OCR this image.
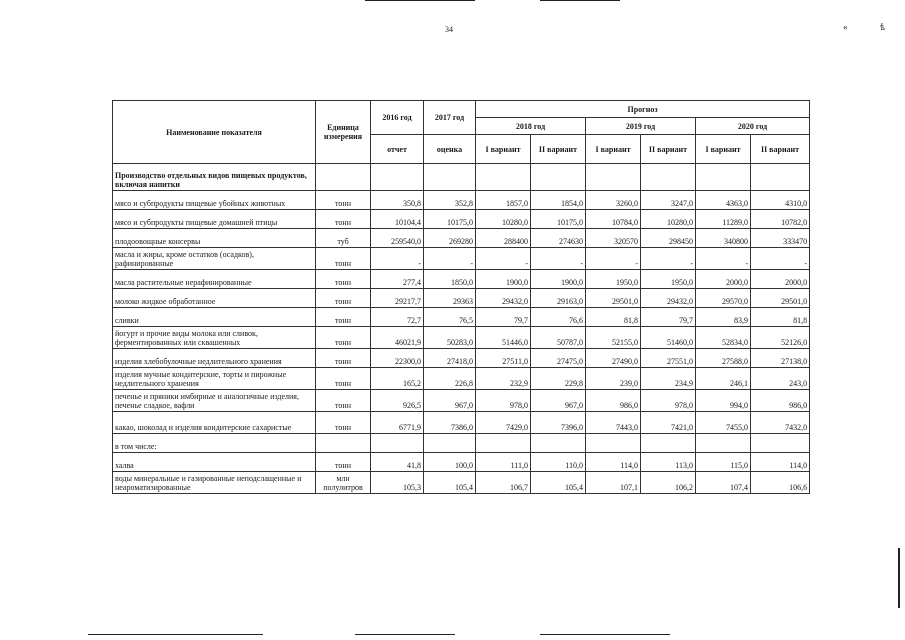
34	«	ѣ
Наименование показателя	Единица измерения	2016 год	2017 год	Прогноз					
				2018 год		2019 год		2020 год	
		отчет	оценка	I вариант	II вариант	I вариант	II вариант	I вариант	II вариант
Производство отдельных видов пищевых продуктов, включая напитки									
мясо и субпродукты пищевые убойных животных	тонн	350,8	352,8	1857,0	1854,0	3260,0	3247,0	4363,0	4310,0
мясо и субпродукты пищевые домашней птицы	тонн	10104,4	10175,0	10280,0	10175,0	10784,0	10280,0	11289,0	10782,0
плодоовощные консервы	туб	259540,0	269280	288400	274630	320570	298450	340800	333470
масла и жиры, кроме остатков (осадков), рафинированные	тонн	-	-	-	-	-	-	-	-
масла растительные нерафинированные	тонн	277,4	1850,0	1900,0	1900,0	1950,0	1950,0	2000,0	2000,0
молоко жидкое обработанное	тонн	29217,7	29363	29432,0	29163,0	29501,0	29432,0	29570,0	29501,0
сливки	тонн	72,7	76,5	79,7	76,6	81,8	79,7	83,9	81,8
йогурт и прочие виды молока или сливок, ферментированных или сквашенных	тонн	46021,9	50283,0	51446,0	50787,0	52155,0	51460,0	52834,0	52126,0
изделия хлебобулочные недлительного хранения	тонн	22300,0	27418,0	27511,0	27475,0	27490,0	27551,0	27588,0	27138,0
изделия мучные кондитерские, торты и пирожные недлительного хранения	тонн	165,2	226,8	232,9	229,8	239,0	234,9	246,1	243,0
печенье и пряники имбирные и аналогичные изделия, печенье сладкое, вафли	тонн	926,5	967,0	978,0	967,0	986,0	978,0	994,0	986,0
какао, шоколад и изделия кондитерские сахаристые	тонн	6771,9	7386,0	7429,0	7396,0	7443,0	7421,0	7455,0	7432,0
в том числе:									
халва	тонн	41,8	100,0	111,0	110,0	114,0	113,0	115,0	114,0
воды минеральные и газированные неподслащенные и неароматизированные	млн полулитров	105,3	105,4	106,7	105,4	107,1	106,2	107,4	106,6
